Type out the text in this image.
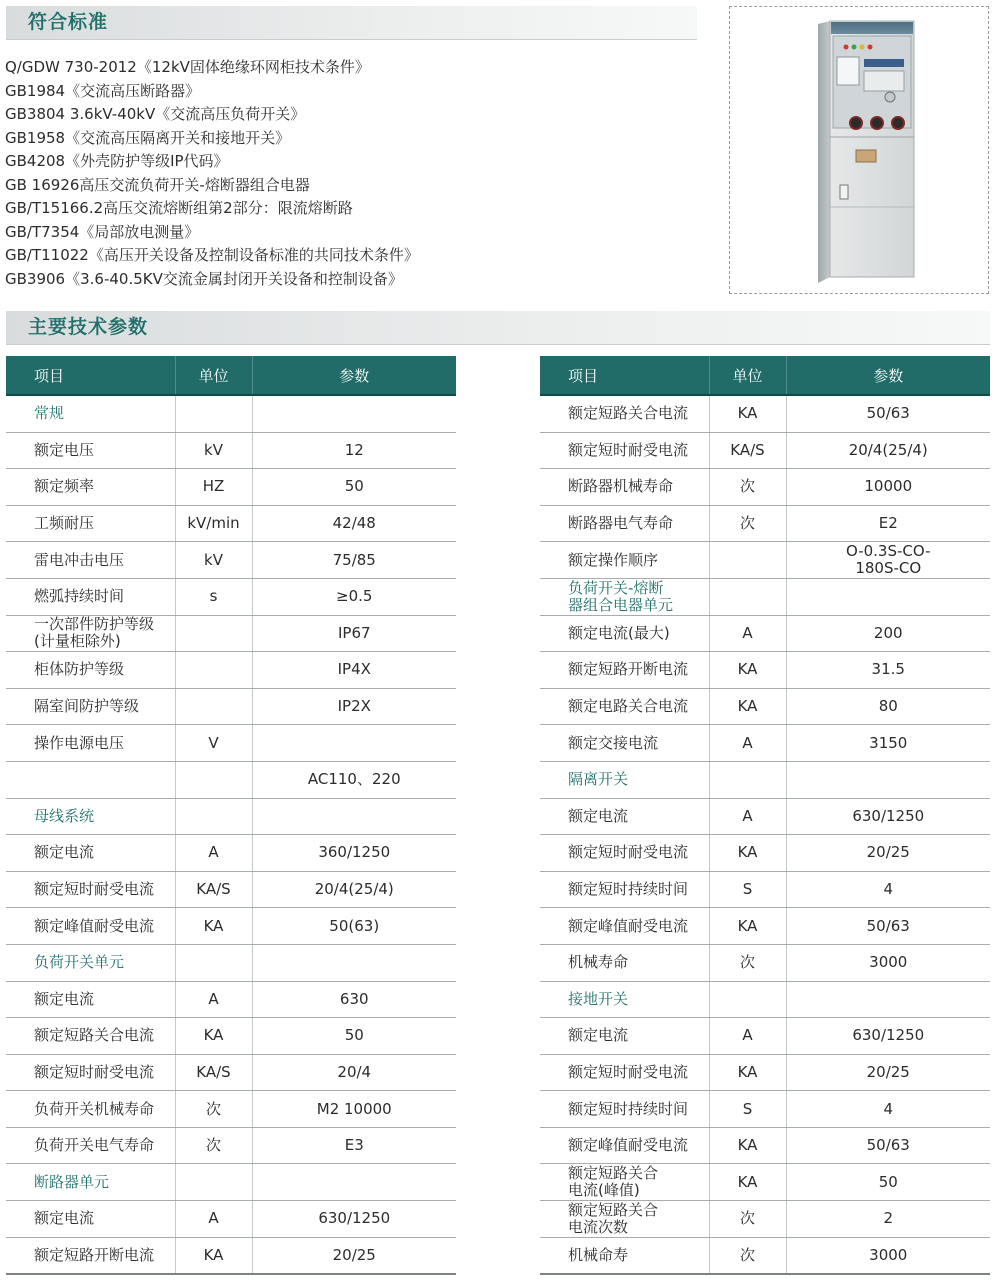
符合标准
Q/GDW 730-2012《12kV固体绝缘环网柜技术条件》
GB1984《交流高压断路器》
GB3804 3.6kV-40kV《交流高压负荷开关》
GB1958《交流高压隔离开关和接地开关》
GB4208《外壳防护等级IP代码》
GB 16926高压交流负荷开关-熔断器组合电器
GB/T15166.2高压交流熔断组第2部分：限流熔断路
GB/T7354《局部放电测量》
GB/T11022《高压开关设备及控制设备标准的共同技术条件》
GB3906《3.6-40.5KV交流金属封闭开关设备和控制设备》
主要技术参数
项目	单位	参数
常规		
额定电压	kV	12
额定频率	HZ	50
工频耐压	kV/min	42/48
雷电冲击电压	kV	75/85
燃弧持续时间	s	≥0.5
一次部件防护等级
(计量柜除外)		IP67
柜体防护等级		IP4X
隔室间防护等级		IP2X
操作电源电压	V	
		AC110、220
母线系统		
额定电流	A	360/1250
额定短时耐受电流	KA/S	20/4(25/4)
额定峰值耐受电流	KA	50(63)
负荷开关单元		
额定电流	A	630
额定短路关合电流	KA	50
额定短时耐受电流	KA/S	20/4
负荷开关机械寿命	次	M2 10000
负荷开关电气寿命	次	E3
断路器单元		
额定电流	A	630/1250
额定短路开断电流	KA	20/25
项目	单位	参数
额定短路关合电流	KA	50/63
额定短时耐受电流	KA/S	20/4(25/4)
断路器机械寿命	次	10000
断路器电气寿命	次	E2
额定操作顺序		O-0.3S-CO-
180S-CO
负荷开关-熔断
器组合电器单元		
额定电流(最大)	A	200
额定短路开断电流	KA	31.5
额定电路关合电流	KA	80
额定交接电流	A	3150
隔离开关		
额定电流	A	630/1250
额定短时耐受电流	KA	20/25
额定短时持续时间	S	4
额定峰值耐受电流	KA	50/63
机械寿命	次	3000
接地开关		
额定电流	A	630/1250
额定短时耐受电流	KA	20/25
额定短时持续时间	S	4
额定峰值耐受电流	KA	50/63
额定短路关合
电流(峰值)	KA	50
额定短路关合
电流次数	次	2
机械命寿	次	3000
